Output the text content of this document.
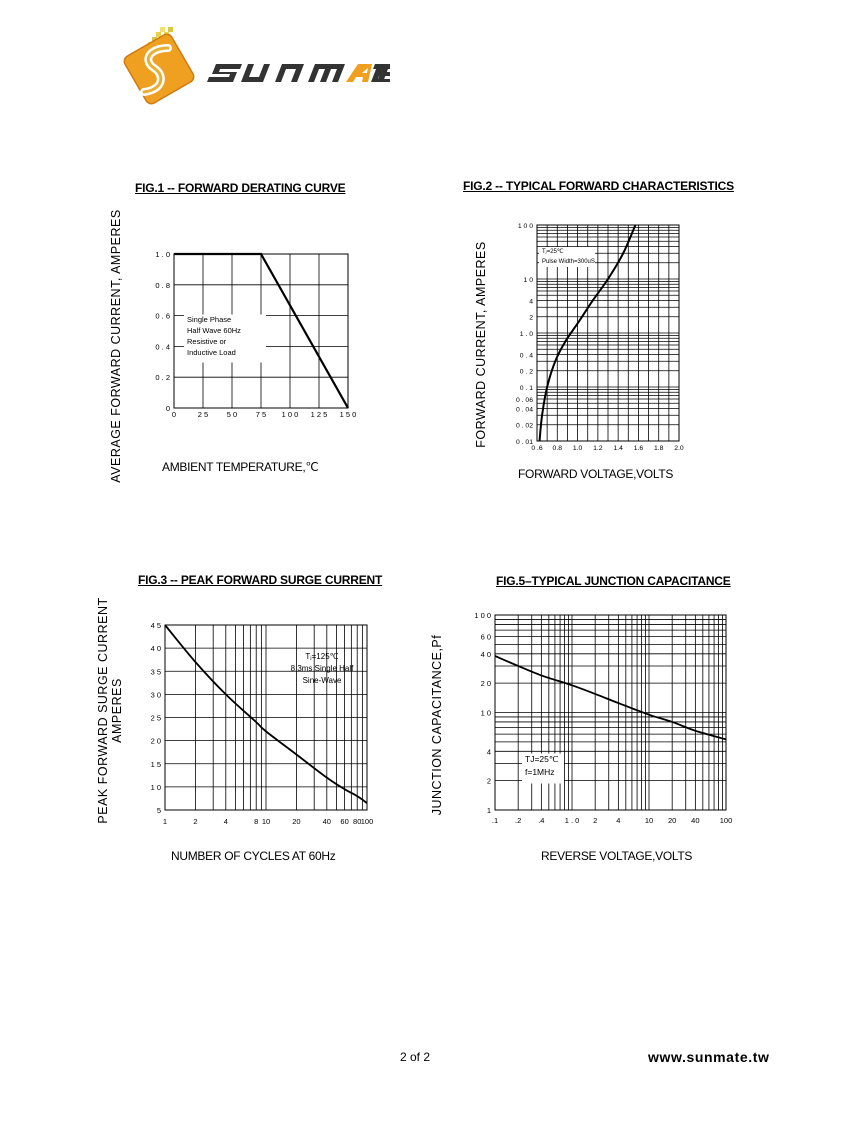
FIG.1 -- FORWARD DERATING CURVE	FIG.2 -- TYPICAL FORWARD CHARACTERISTICS
FIG.3 -- PEAK FORWARD SURGE CURRENT	FIG.5–TYPICAL JUNCTION CAPACITANCE
AVERAGE FORWARD CURRENT, AMPERES	FORWARD CURRENT, AMPERES
PEAK FORWARD SURGE CURRENT AMPERES	JUNCTION CAPACITANCE,Pf
AMBIENT TEMPERATURE,℃	FORWARD VOLTAGE,VOLTS
NUMBER OF CYCLES AT 60Hz	REVERSE VOLTAGE,VOLTS
0	2 5 5 0 7 5 1 0 0 1 2 5 1 5 0
0
0 . 2
0 . 4
0 . 6
0 . 8
1 . 0
Single Phase
Half Wave 60Hz
Resistive or
Inductive Load
0 .6 0.8 1.0 1.2 1.4 1.6 1.8 2.0
0 . 01
0 . 02
0 . 04
0 . 06
0 . 1
0 . 2
0 . 4
1 . 0
2
4
1 0
1 0 0
Tⱼ=25℃
Pulse Width=300uS
1	2	4	8 10	20	40 60 80 100
5
1 0
1 5
2 0
2 5
3 0
3 5
4 0
4 5
Tⱼ=125℃
8.3ms Single Half
Sine-Wave
.1 .2 .4	1 . 0 2	4	10 20 40	100
1
2
4
1 0
2 0
4 0
6 0
1 0 0
TJ=25℃
f=1MHz
2 of 2	www.sunmate.tw
